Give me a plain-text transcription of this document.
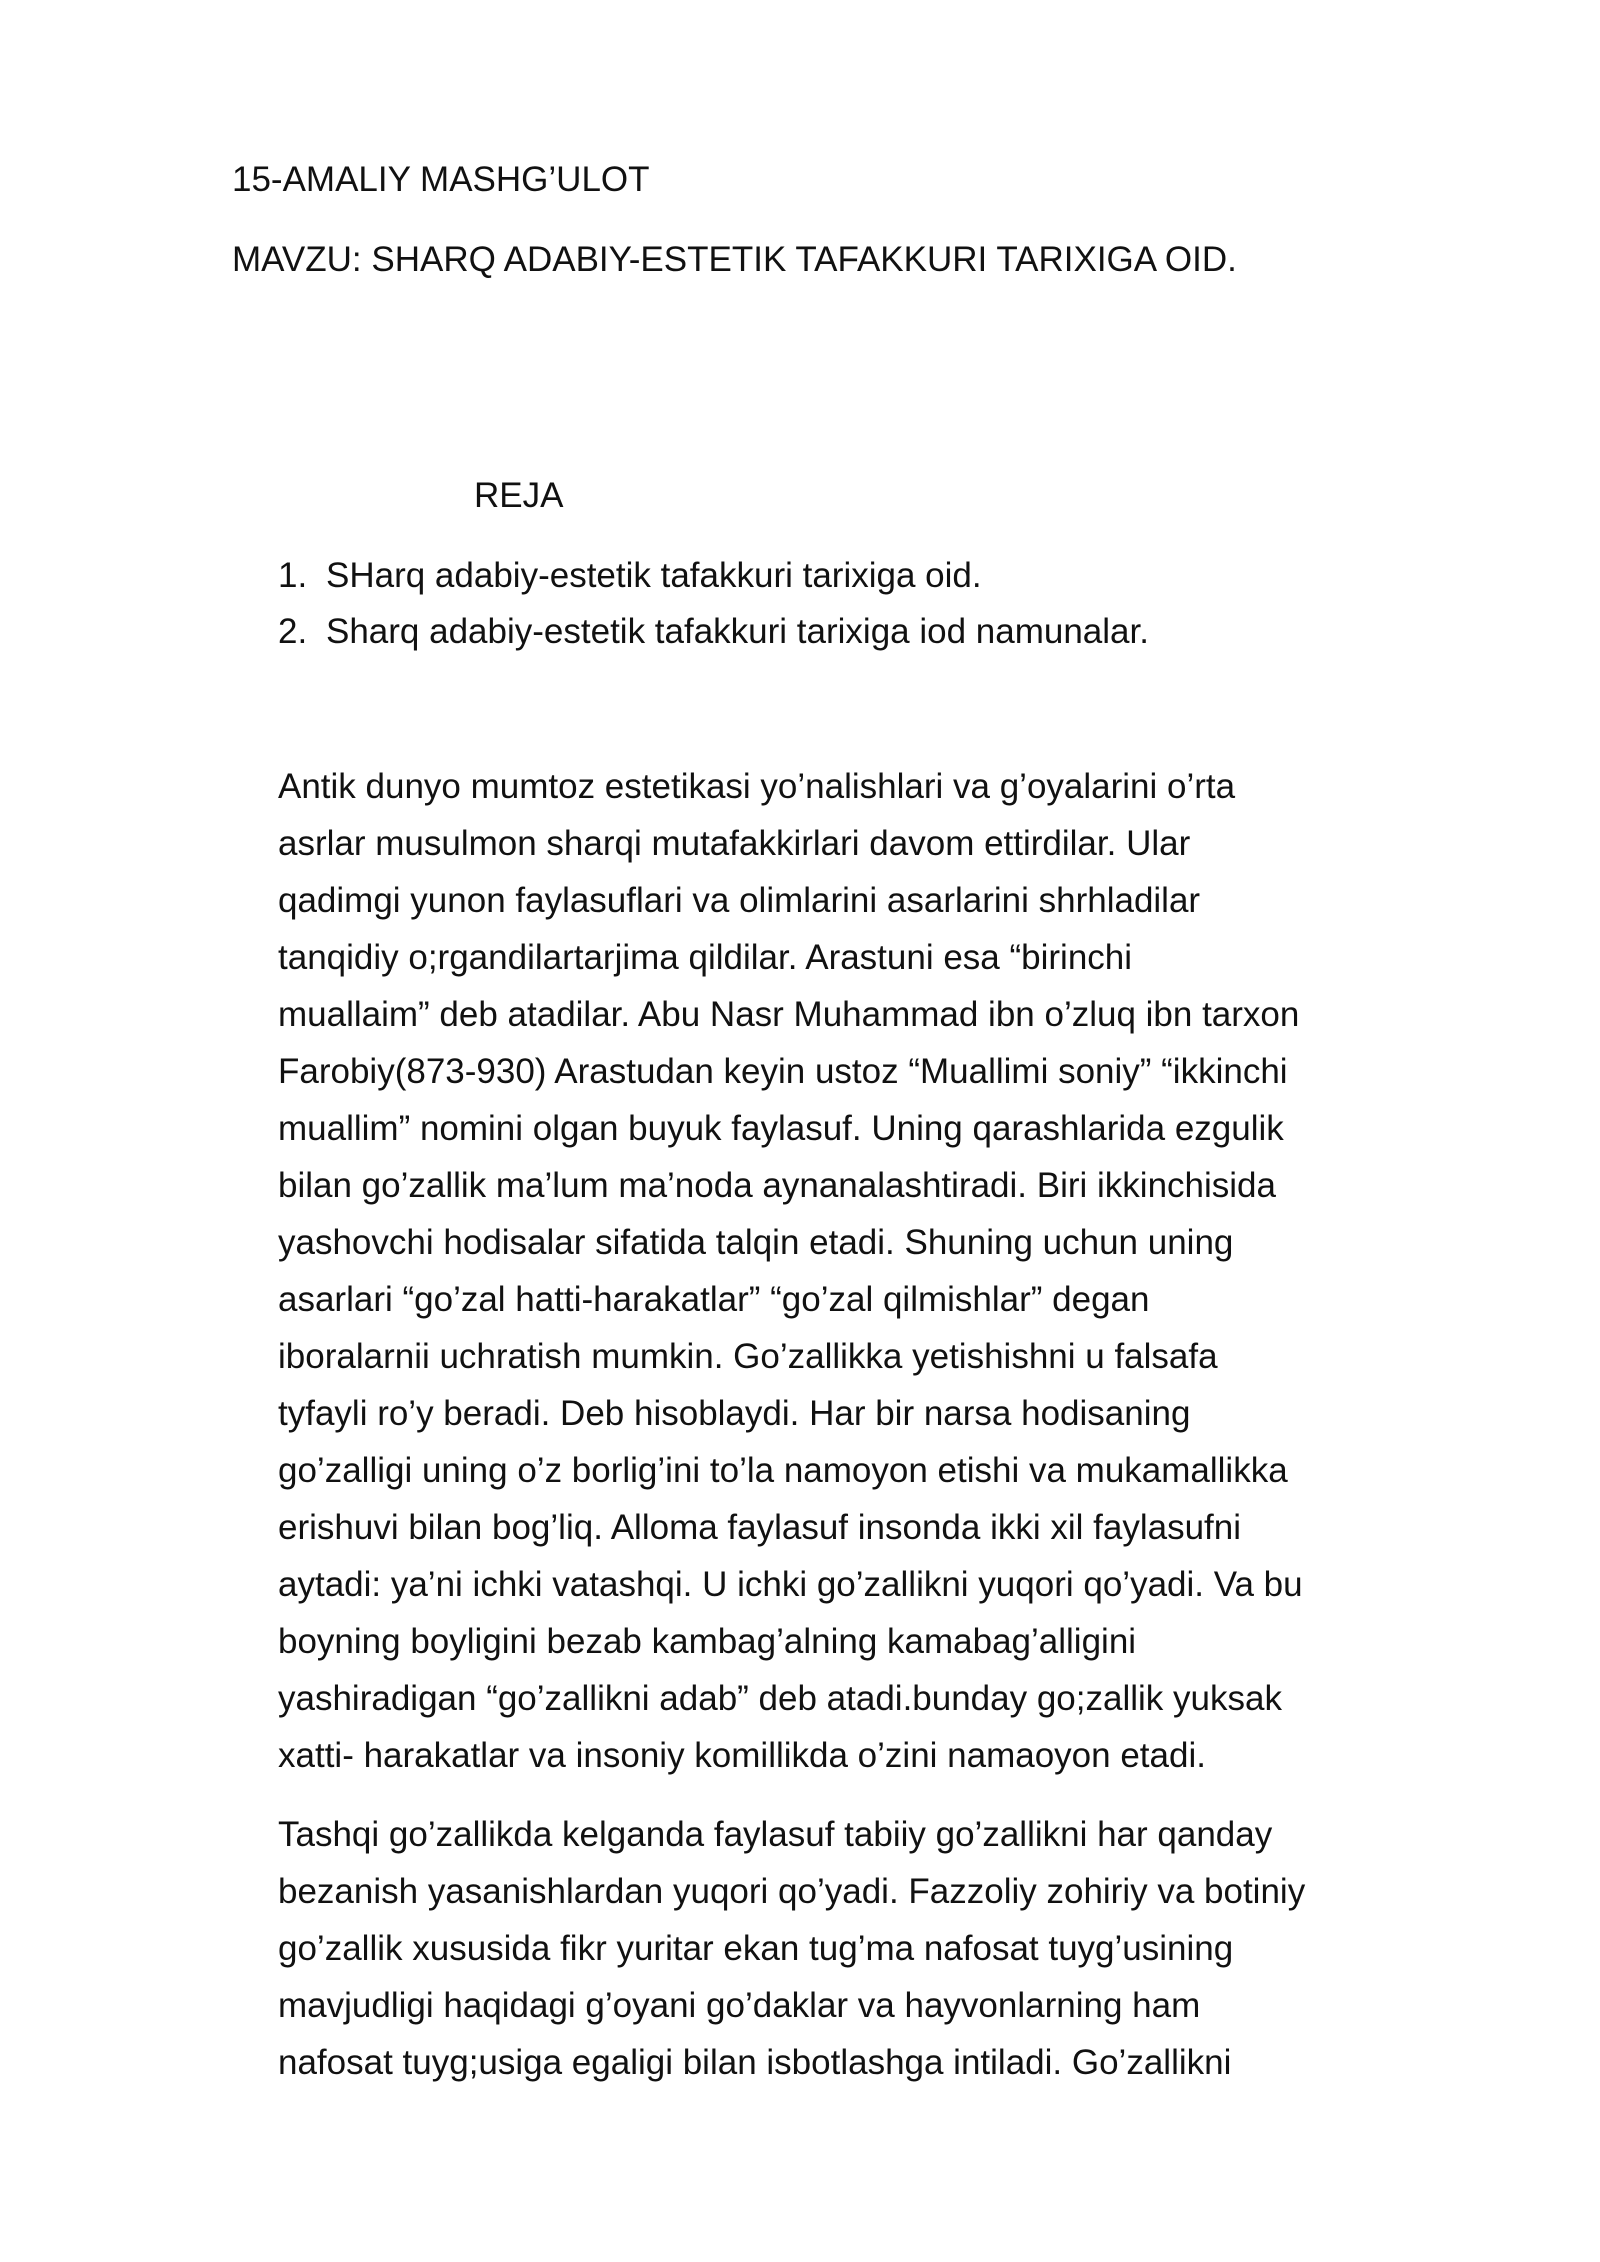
15-AMALIY MASHG’ULOT
MAVZU: SHARQ ADABIY-ESTETIK TAFAKKURI TARIXIGA OID.
REJA
1. SHarq adabiy-estetik tafakkuri tarixiga oid.
2. Sharq adabiy-estetik tafakkuri tarixiga iod namunalar.

Antik dunyo mumtoz estetikasi yo’nalishlari va g’oyalarini o’rta
asrlar musulmon sharqi mutafakkirlari davom ettirdilar. Ular
qadimgi yunon faylasuflari va olimlarini asarlarini shrhladilar
tanqidiy o;rgandilartarjima qildilar. Arastuni esa “birinchi
muallaim” deb atadilar. Abu Nasr Muhammad ibn o’zluq ibn tarxon
Farobiy(873-930) Arastudan keyin ustoz “Muallimi soniy” “ikkinchi
muallim” nomini olgan buyuk faylasuf. Uning qarashlarida ezgulik
bilan go’zallik ma’lum ma’noda aynanalashtiradi. Biri ikkinchisida
yashovchi hodisalar sifatida talqin etadi. Shuning uchun uning
asarlari “go’zal hatti-harakatlar” “go’zal qilmishlar” degan
iboralarnii uchratish mumkin. Go’zallikka yetishishni u falsafa
tyfayli ro’y beradi. Deb hisoblaydi. Har bir narsa hodisaning
go’zalligi uning o’z borlig’ini to’la namoyon etishi va mukamallikka
erishuvi bilan bog’liq. Alloma faylasuf insonda ikki xil faylasufni
aytadi: ya’ni ichki vatashqi. U ichki go’zallikni yuqori qo’yadi. Va bu
boyning boyligini bezab kambag’alning kamabag’alligini
yashiradigan “go’zallikni adab” deb atadi.bunday go;zallik yuksak
xatti- harakatlar va insoniy komillikda o’zini namaoyon etadi.

Tashqi go’zallikda kelganda faylasuf tabiiy go’zallikni har qanday
bezanish yasanishlardan yuqori qo’yadi. Fazzoliy zohiriy va botiniy
go’zallik xususida fikr yuritar ekan tug’ma nafosat tuyg’usining
mavjudligi haqidagi g’oyani go’daklar va hayvonlarning ham
nafosat tuyg;usiga egaligi bilan isbotlashga intiladi. Go’zallikni
